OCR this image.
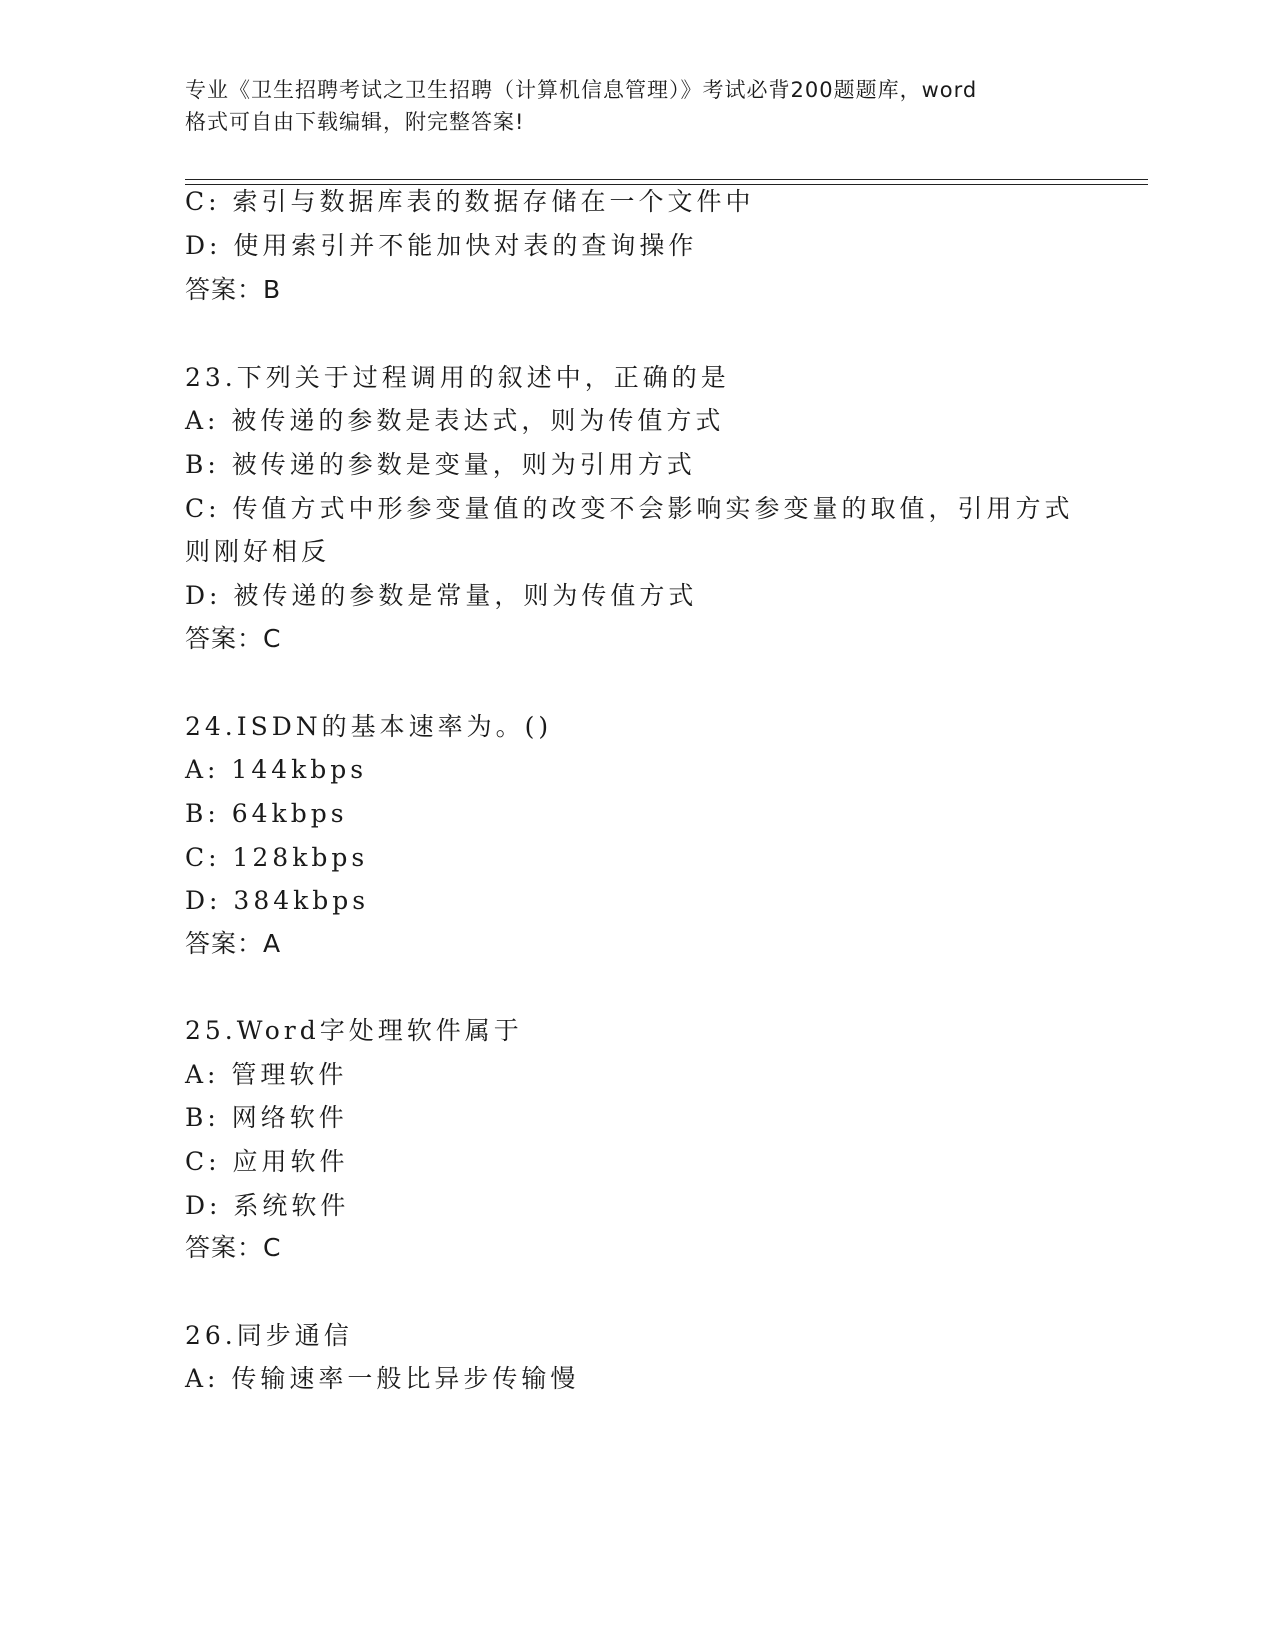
专业《卫生招聘考试之卫生招聘（计算机信息管理）》考试必背200题题库，word
格式可自由下载编辑，附完整答案!
C: 索引与数据库表的数据存储在一个文件中
D: 使用索引并不能加快对表的查询操作
答案：B
23.下列关于过程调用的叙述中，正确的是
A: 被传递的参数是表达式，则为传值方式
B: 被传递的参数是变量，则为引用方式
C: 传值方式中形参变量值的改变不会影响实参变量的取值，引用方式
则刚好相反
D: 被传递的参数是常量，则为传值方式
答案：C
24.ISDN的基本速率为。()
A: 144kbps
B: 64kbps
C: 128kbps
D: 384kbps
答案：A
25.Word字处理软件属于
A: 管理软件
B: 网络软件
C: 应用软件
D: 系统软件
答案：C
26.同步通信
A: 传输速率一般比异步传输慢
